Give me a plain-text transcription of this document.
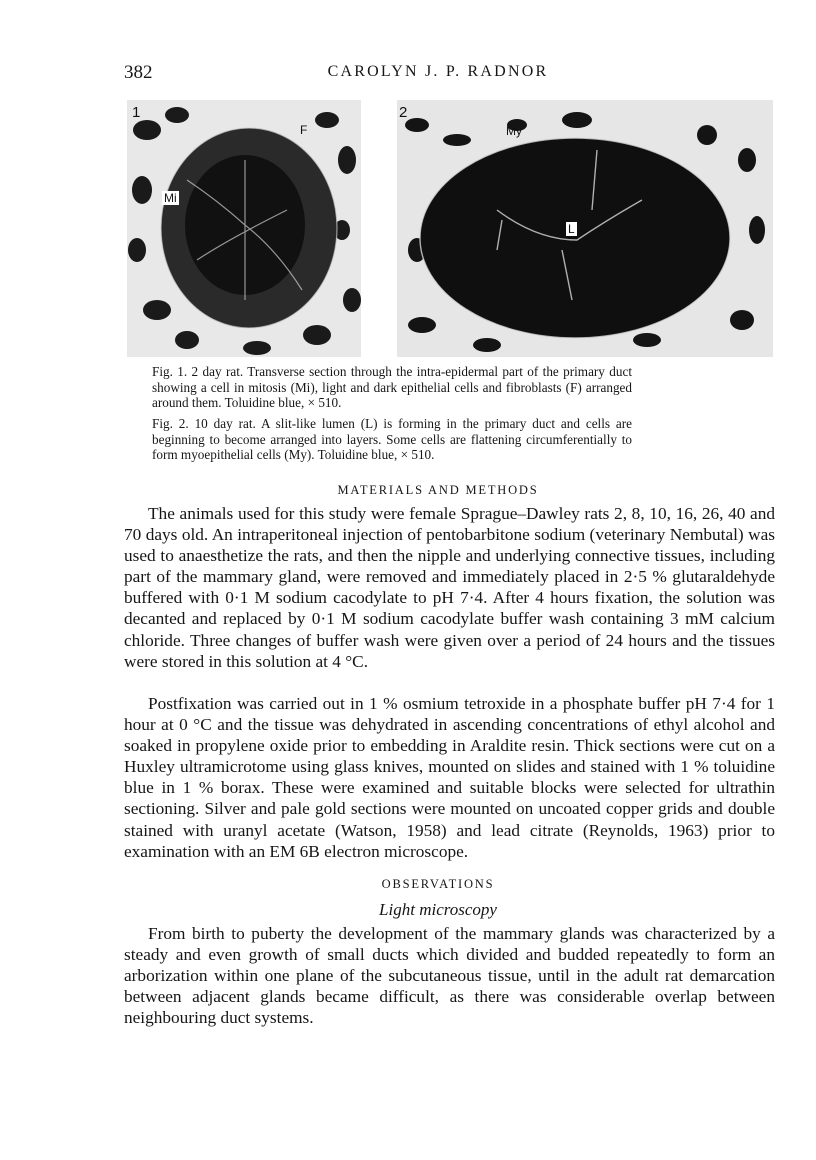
382	CAROLYN J. P. RADNOR
1
Mi
F
2
My
L
Fig. 1. 2 day rat. Transverse section through the intra-epidermal part of the primary duct showing a cell in mitosis (Mi), light and dark epithelial cells and fibroblasts (F) arranged around them. Toluidine blue, × 510.
Fig. 2. 10 day rat. A slit-like lumen (L) is forming in the primary duct and cells are beginning to become arranged into layers. Some cells are flattening circumferentially to form myoepithelial cells (My). Toluidine blue, × 510.
MATERIALS AND METHODS

The animals used for this study were female Sprague–Dawley rats 2, 8, 10, 16, 26, 40 and 70 days old. An intraperitoneal injection of pentobarbitone sodium (veterinary Nembutal) was used to anaesthetize the rats, and then the nipple and underlying connective tissues, including part of the mammary gland, were removed and immediately placed in 2·5 % glutaraldehyde buffered with 0·1 M sodium cacodylate to pH 7·4. After 4 hours fixation, the solution was decanted and replaced by 0·1 M sodium cacodylate buffer wash containing 3 mM calcium chloride. Three changes of buffer wash were given over a period of 24 hours and the tissues were stored in this solution at 4 °C.

Postfixation was carried out in 1 % osmium tetroxide in a phosphate buffer pH 7·4 for 1 hour at 0 °C and the tissue was dehydrated in ascending concentrations of ethyl alcohol and soaked in propylene oxide prior to embedding in Araldite resin. Thick sections were cut on a Huxley ultramicrotome using glass knives, mounted on slides and stained with 1 % toluidine blue in 1 % borax. These were examined and suitable blocks were selected for ultrathin sectioning. Silver and pale gold sections were mounted on uncoated copper grids and double stained with uranyl acetate (Watson, 1958) and lead citrate (Reynolds, 1963) prior to examination with an EM 6B electron microscope.

OBSERVATIONS
Light microscopy

From birth to puberty the development of the mammary glands was characterized by a steady and even growth of small ducts which divided and budded repeatedly to form an arborization within one plane of the subcutaneous tissue, until in the adult rat demarcation between adjacent glands became difficult, as there was considerable overlap between neighbouring duct systems.
